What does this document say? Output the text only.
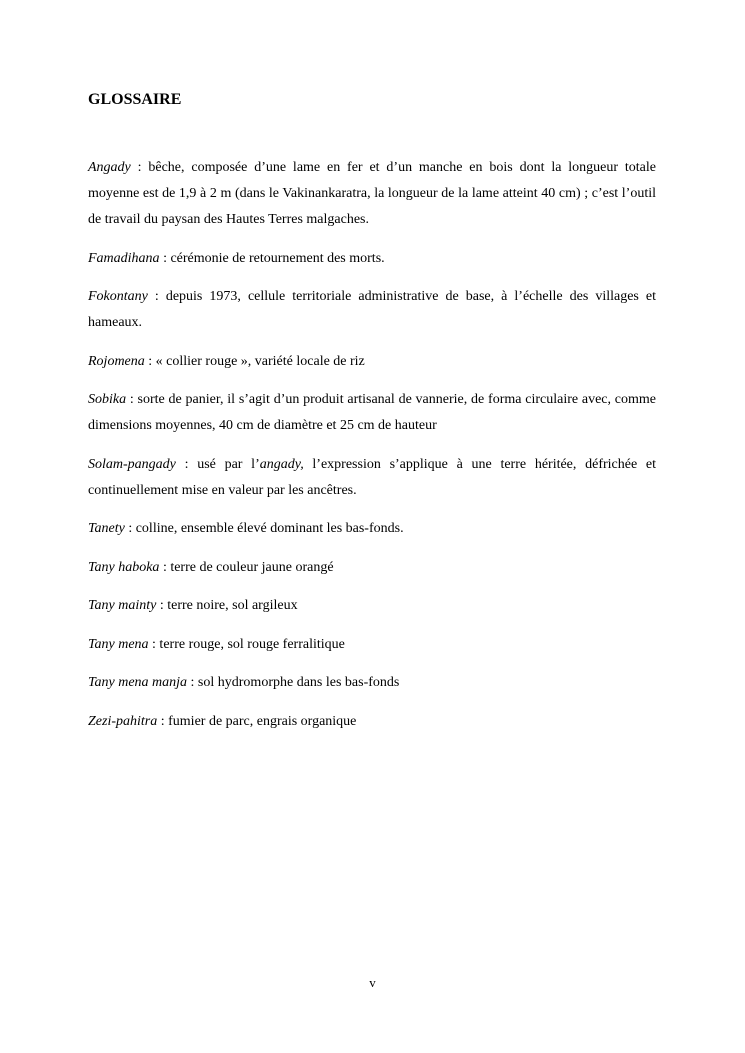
GLOSSAIRE

Angady : bêche, composée d’une lame en fer et d’un manche en bois dont la longueur totale moyenne est de 1,9 à 2 m (dans le Vakinankaratra, la longueur de la lame atteint 40 cm) ; c’est l’outil de travail du paysan des Hautes Terres malgaches.

Famadihana : cérémonie de retournement des morts.

Fokontany : depuis 1973, cellule territoriale administrative de base, à l’échelle des villages et hameaux.

Rojomena : « collier rouge », variété locale de riz

Sobika : sorte de panier, il s’agit d’un produit artisanal de vannerie, de forma circulaire avec, comme dimensions moyennes, 40 cm de diamètre et 25 cm de hauteur

Solam-pangady : usé par l’angady, l’expression s’applique à une terre héritée, défrichée et continuellement mise en valeur par les ancêtres.

Tanety : colline, ensemble élevé dominant les bas-fonds.

Tany haboka : terre de couleur jaune orangé

Tany mainty : terre noire, sol argileux

Tany mena : terre rouge, sol rouge ferralitique

Tany mena manja : sol hydromorphe dans les bas-fonds

Zezi-pahitra : fumier de parc, engrais organique

v
